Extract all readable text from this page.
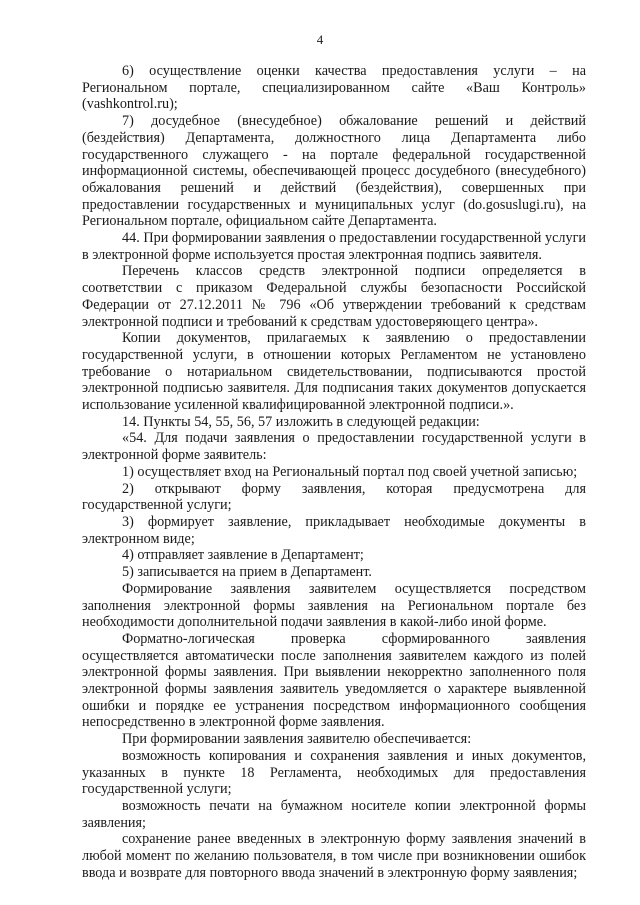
4

6) осуществление оценки качества предоставления услуги – на Региональном портале, специализированном сайте «Ваш Контроль» (vashkontrol.ru);

7) досудебное (внесудебное) обжалование решений и действий (бездействия) Департамента, должностного лица Департамента либо государственного служащего - на портале федеральной государственной информационной системы, обеспечивающей процесс досудебного (внесудебного) обжалования решений и действий (бездействия), совершенных при предоставлении государственных и муниципальных услуг (do.gosuslugi.ru), на Региональном портале, официальном сайте Департамента.

44. При формировании заявления о предоставлении государственной услуги в электронной форме используется простая электронная подпись заявителя.

Перечень классов средств электронной подписи определяется в соответствии с приказом Федеральной службы безопасности Российской Федерации от 27.12.2011 № 796 «Об утверждении требований к средствам электронной подписи и требований к средствам удостоверяющего центра».

Копии документов, прилагаемых к заявлению о предоставлении государственной услуги, в отношении которых Регламентом не установлено требование о нотариальном свидетельствовании, подписываются простой электронной подписью заявителя. Для подписания таких документов допускается использование усиленной квалифицированной электронной подписи.».

14. Пункты 54, 55, 56, 57 изложить в следующей редакции:

«54. Для подачи заявления о предоставлении государственной услуги в электронной форме заявитель:

1) осуществляет вход на Региональный портал под своей учетной записью;

2) открывают форму заявления, которая предусмотрена для государственной услуги;

3) формирует заявление, прикладывает необходимые документы в электронном виде;

4) отправляет заявление в Департамент;

5) записывается на прием в Департамент.

Формирование заявления заявителем осуществляется посредством заполнения электронной формы заявления на Региональном портале без необходимости дополнительной подачи заявления в какой-либо иной форме.

Форматно-логическая проверка сформированного заявления осуществляется автоматически после заполнения заявителем каждого из полей электронной формы заявления. При выявлении некорректно заполненного поля электронной формы заявления заявитель уведомляется о характере выявленной ошибки и порядке ее устранения посредством информационного сообщения непосредственно в электронной форме заявления.

При формировании заявления заявителю обеспечивается:

возможность копирования и сохранения заявления и иных документов, указанных в пункте 18 Регламента, необходимых для предоставления государственной услуги;

возможность печати на бумажном носителе копии электронной формы заявления;

сохранение ранее введенных в электронную форму заявления значений в любой момент по желанию пользователя, в том числе при возникновении ошибок ввода и возврате для повторного ввода значений в электронную форму заявления;
